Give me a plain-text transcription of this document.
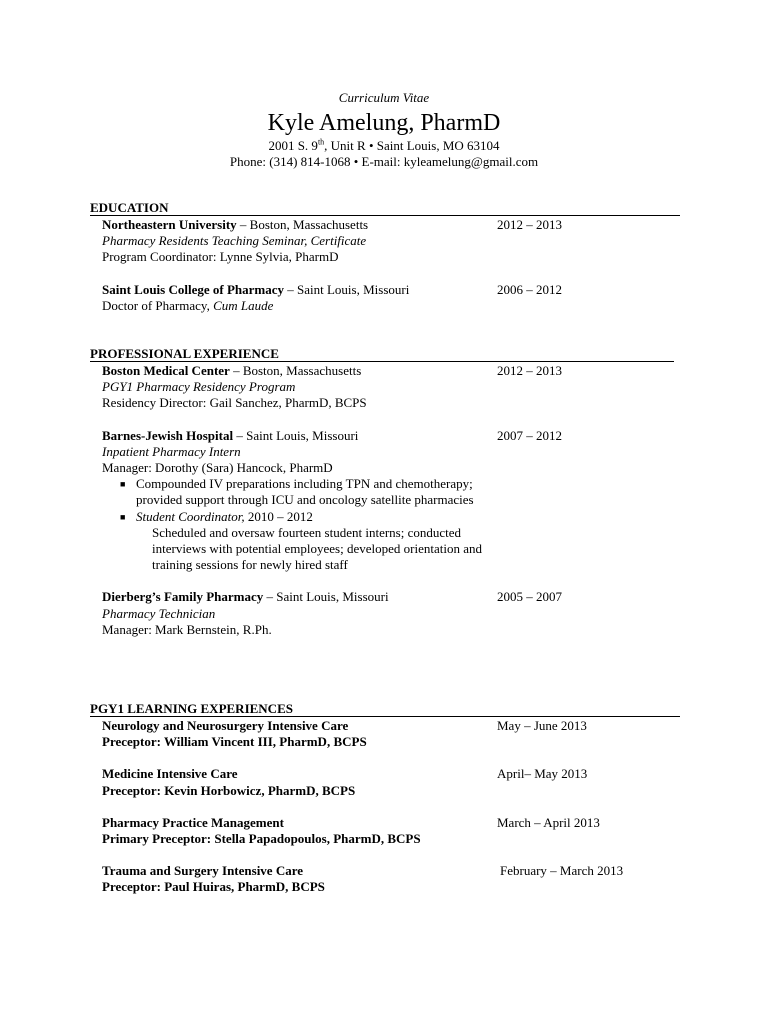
Curriculum Vitae
Kyle Amelung, PharmD
2001 S. 9th, Unit R • Saint Louis, MO 63104
Phone: (314) 814-1068 • E-mail: kyleamelung@gmail.com
EDUCATION
Northeastern University – Boston, Massachusetts	2012 – 2013
Pharmacy Residents Teaching Seminar, Certificate
Program Coordinator: Lynne Sylvia, PharmD
Saint Louis College of Pharmacy – Saint Louis, Missouri	2006 – 2012
Doctor of Pharmacy, Cum Laude
PROFESSIONAL EXPERIENCE
Boston Medical Center – Boston, Massachusetts	2012 – 2013
PGY1 Pharmacy Residency Program
Residency Director: Gail Sanchez, PharmD, BCPS
Barnes-Jewish Hospital – Saint Louis, Missouri	2007 – 2012
Inpatient Pharmacy Intern
Manager: Dorothy (Sara) Hancock, PharmD
■ Compounded IV preparations including TPN and chemotherapy; provided support through ICU and oncology satellite pharmacies
■ Student Coordinator, 2010 – 2012
Scheduled and oversaw fourteen student interns; conducted interviews with potential employees; developed orientation and training sessions for newly hired staff
Dierberg’s Family Pharmacy – Saint Louis, Missouri	2005 – 2007
Pharmacy Technician
Manager: Mark Bernstein, R.Ph.
PGY1 LEARNING EXPERIENCES
Neurology and Neurosurgery Intensive Care	May – June 2013
Preceptor: William Vincent III, PharmD, BCPS
Medicine Intensive Care	April– May 2013
Preceptor: Kevin Horbowicz, PharmD, BCPS
Pharmacy Practice Management	March – April 2013
Primary Preceptor: Stella Papadopoulos, PharmD, BCPS
Trauma and Surgery Intensive Care	February – March 2013
Preceptor: Paul Huiras, PharmD, BCPS
